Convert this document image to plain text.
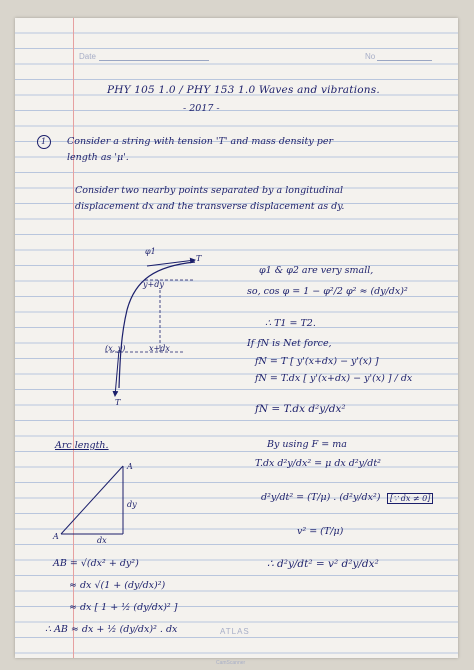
Date	No
PHY 105 1.0 / PHY 153 1.0 Waves and vibrations.
- 2017 -
1 Consider a string with tension 'T' and mass density per
length as 'μ'.
Consider two nearby points separated by a longitudinal
displacement dx and the transverse displacement as dy.
φ1
T
y+dy
(x, y)	x+dx
T
φ1 & φ2 are very small,
so, cos φ = 1 − φ²/2 φ² ≈ (dy/dx)²
∴ T1 = T2.
If fN is Net force,
fN = T [ y'(x+dx) − y'(x) ]
fN = T.dx [ y'(x+dx) − y'(x) ] / dx
fN = T.dx d²y/dx²
Arc length.
A
dy
A	dx
AB = √(dx² + dy²)
≈ dx √(1 + (dy/dx)²)
≈ dx [ 1 + ½ (dy/dx)² ]
∴ AB ≈ dx + ½ (dy/dx)² . dx
By using F = ma
T.dx d²y/dx² = μ dx d²y/dt²
d²y/dt² = (T/μ) . (d²y/dx²)	[∵ dx ≠ 0]
v² = (T/μ)
∴ d²y/dt² = v² d²y/dx²
ATLAS
CamScanner
